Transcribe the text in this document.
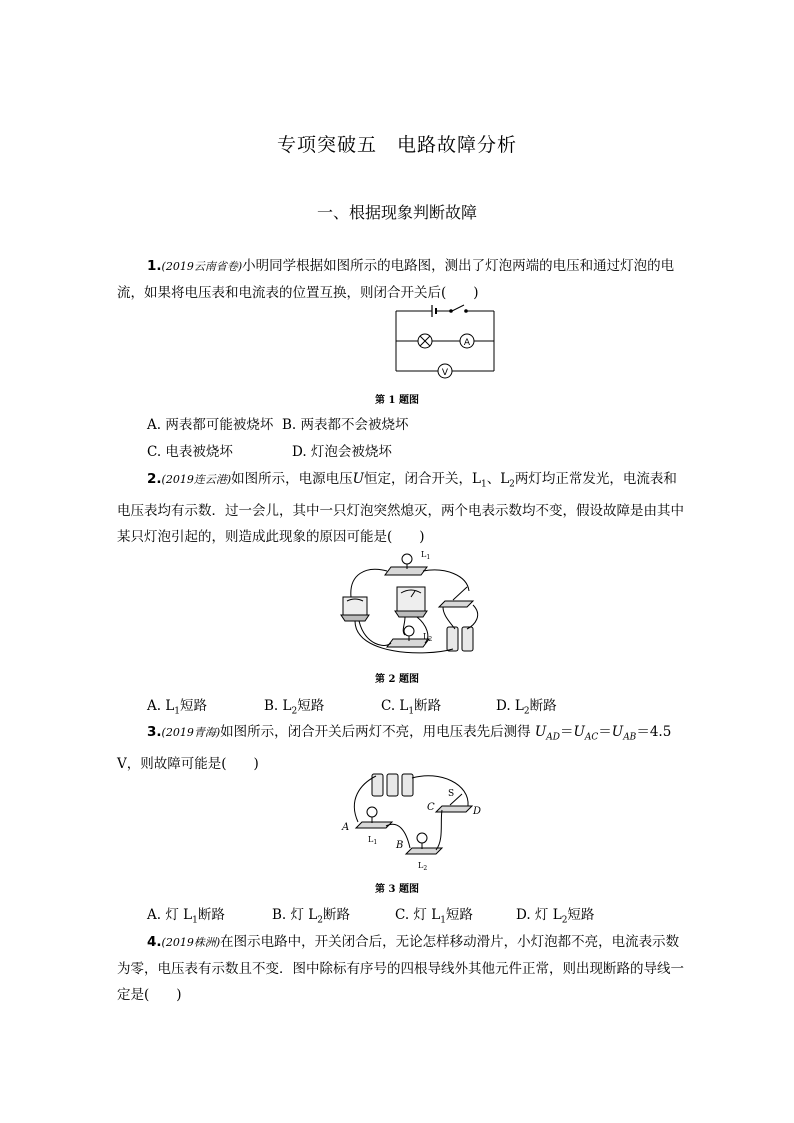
专项突破五　电路故障分析
一、根据现象判断故障
1.(2019云南省卷)小明同学根据如图所示的电路图，测出了灯泡两端的电压和通过灯泡的电流，如果将电压表和电流表的位置互换，则闭合开关后(　　)
A
V
第 1 题图
A. 两表都可能被烧坏 B. 两表都不会被烧坏
C. 电表被烧坏	D. 灯泡会被烧坏
2.(2019连云港)如图所示，电源电压U恒定，闭合开关，$L_1$、$L_2$两灯均正常发光，电流表和电压表均有示数．过一会儿，其中一只灯泡突然熄灭，两个电表示数均不变，假设故障是由其中某只灯泡引起的，则造成此现象的原因可能是(　　)
$L_1$
$L_2$
第 2 题图
A. $L_1$短路	B. $L_2$短路	C. $L_1$断路	D. $L_2$断路
3.(2019青海)如图所示，闭合开关后两灯不亮，用电压表先后测得 $U_{AD}=U_{AC}=U_{AB}=4.5$ V，则故障可能是(　　)
A
B
C	D
S
$L_1$
$L_2$
第 3 题图
A. 灯 $L_1$断路	B. 灯 $L_2$断路	C. 灯 $L_1$短路	D. 灯 $L_2$短路
4.(2019株洲)在图示电路中，开关闭合后，无论怎样移动滑片，小灯泡都不亮，电流表示数为零，电压表有示数且不变．图中除标有序号的四根导线外其他元件正常，则出现断路的导线一定是(　　)
